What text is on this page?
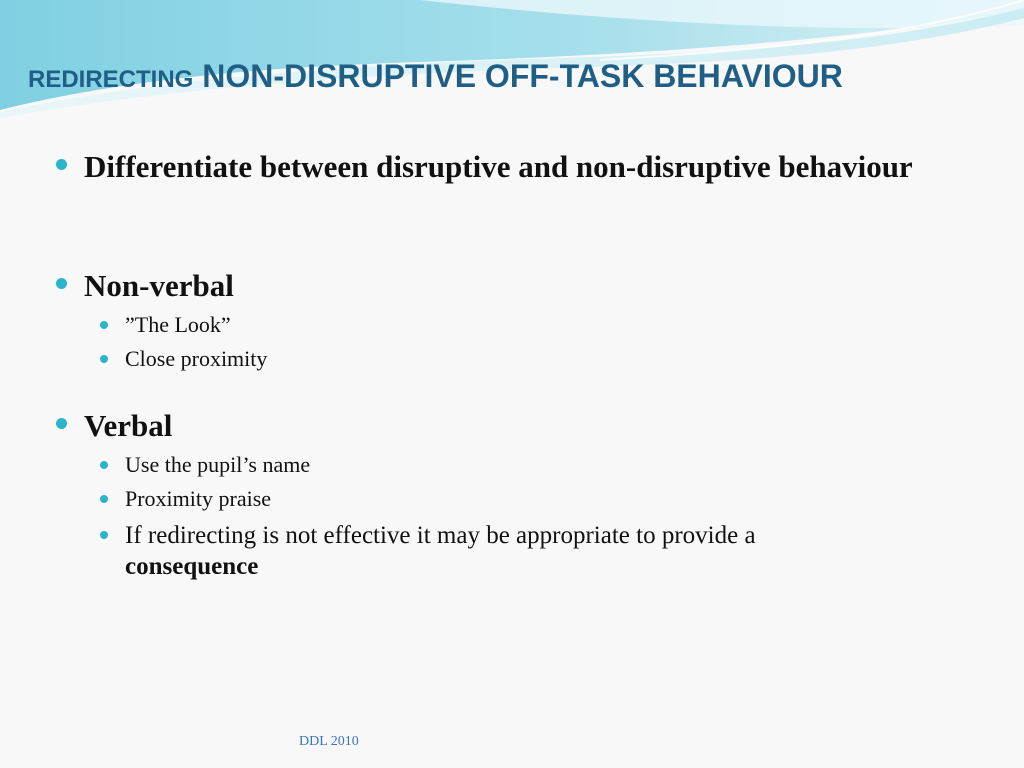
REDIRECTING NON-DISRUPTIVE OFF-TASK BEHAVIOUR
Differentiate between disruptive and non-disruptive behaviour
Non-verbal
”The Look”
Close proximity
Verbal
Use the pupil’s name
Proximity praise
If redirecting is not effective it may be appropriate to provide a
consequence
DDL 2010
